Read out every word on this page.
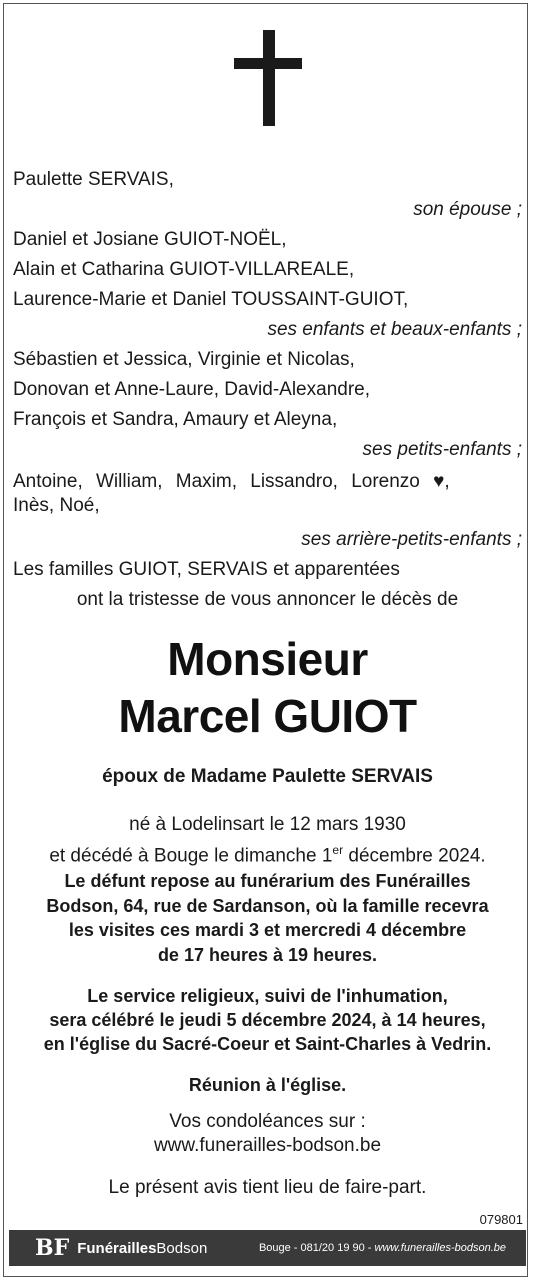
Paulette SERVAIS,
son épouse ;
Daniel et Josiane GUIOT-NOËL,
Alain et Catharina GUIOT-VILLAREALE,
Laurence-Marie et Daniel TOUSSAINT-GUIOT,
ses enfants et beaux-enfants ;
Sébastien et Jessica, Virginie et Nicolas,
Donovan et Anne-Laure, David-Alexandre,
François et Sandra, Amaury et Aleyna,
ses petits-enfants ;
Antoine, William, Maxim, Lissandro, Lorenzo ♥,
Inès, Noé,
ses arrière-petits-enfants ;
Les familles GUIOT, SERVAIS et apparentées
ont la tristesse de vous annoncer le décès de
Monsieur
Marcel GUIOT
époux de Madame Paulette SERVAIS
né à Lodelinsart le 12 mars 1930
et décédé à Bouge le dimanche 1er décembre 2024.
Le défunt repose au funérarium des Funérailles
Bodson, 64, rue de Sardanson, où la famille recevra
les visites ces mardi 3 et mercredi 4 décembre
de 17 heures à 19 heures.
Le service religieux, suivi de l'inhumation,
sera célébré le jeudi 5 décembre 2024, à 14 heures,
en l'église du Sacré-Coeur et Saint-Charles à Vedrin.
Réunion à l'église.
Vos condoléances sur :
www.funerailles-bodson.be
Le présent avis tient lieu de faire-part.
079801
BF FunéraillesBodson	Bouge - 081/20 19 90 - www.funerailles-bodson.be
